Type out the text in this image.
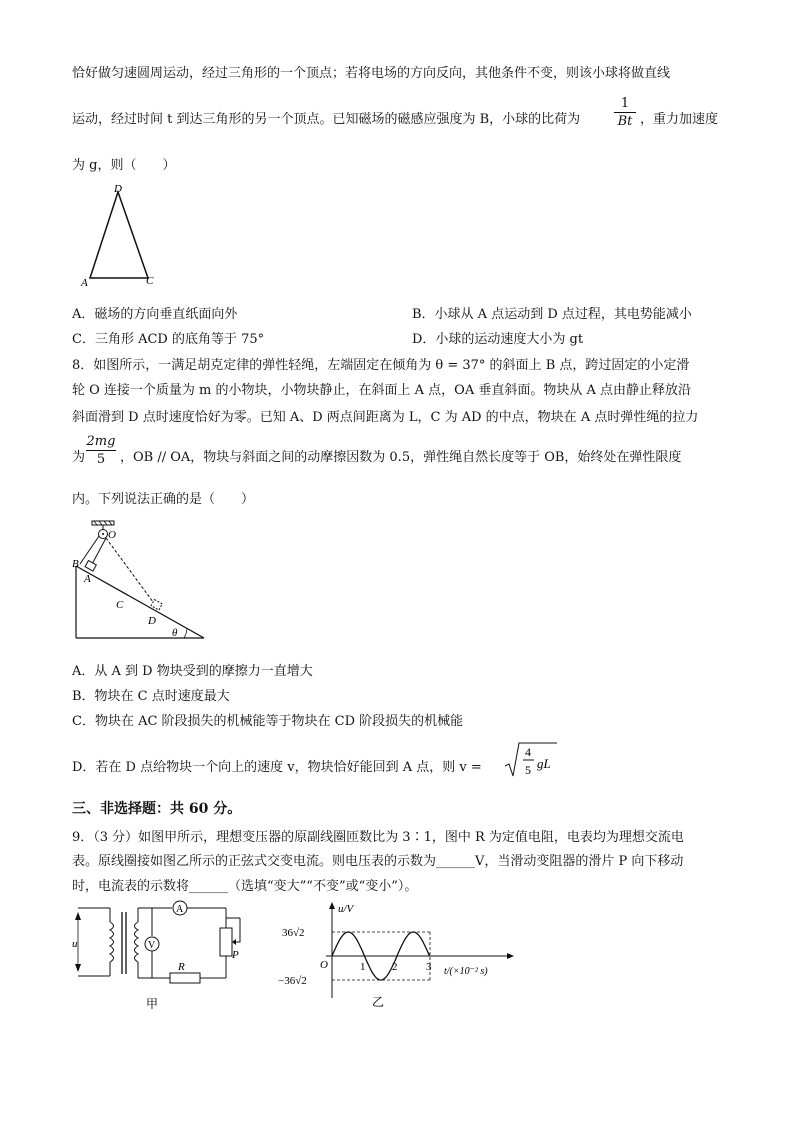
恰好做匀速圆周运动，经过三角形的一个顶点；若将电场的方向反向，其他条件不变，则该小球将做直线
运动，经过时间 t 到达三角形的另一个顶点。已知磁场的磁感应强度为 B，小球的比荷为
1
Bt ，重力加速度
为 g，则（　　）
D
A	C
A．磁场的方向垂直纸面向外	B．小球从 A 点运动到 D 点过程，其电势能减小
C．三角形 ACD 的底角等于 75°	D．小球的运动速度大小为 gt
8．如图所示，一满足胡克定律的弹性轻绳，左端固定在倾角为 θ = 37° 的斜面上 B 点，跨过固定的小定滑
轮 O 连接一个质量为 m 的小物块，小物块静止，在斜面上 A 点，OA 垂直斜面。物块从 A 点由静止释放沿
斜面滑到 D 点时速度恰好为零。已知 A、D 两点间距离为 L，C 为 AD 的中点，物块在 A 点时弹性绳的拉力
为
2mg
5	，OB // OA，物块与斜面之间的动摩擦因数为 0.5，弹性绳自然长度等于 OB，始终处在弹性限度
内。下列说法正确的是（　　）
O
B
A
C
D
θ
A．从 A 到 D 物块受到的摩擦力一直增大
B．物块在 C 点时速度最大
C．物块在 AC 阶段损失的机械能等于物块在 CD 阶段损失的机械能
D．若在 D 点给物块一个向上的速度 v，物块恰好能回到 A 点，则 v =
4
5 gL
三、非选择题：共 60 分。
9．（3 分）如图甲所示，理想变压器的原副线圈匝数比为 3∶1，图中 R 为定值电阻，电表均为理想交流电
表。原线圈接如图乙所示的正弦式交变电流。则电压表的示数为______V，当滑动变阻器的滑片 P 向下移动
时，电流表的示数将______（选填“变大”“不变”或“变小”）。
u
A
P
V
R
甲
u/V
36√2
−36√2
O	1 2	3 t/(×10⁻² s)
乙
